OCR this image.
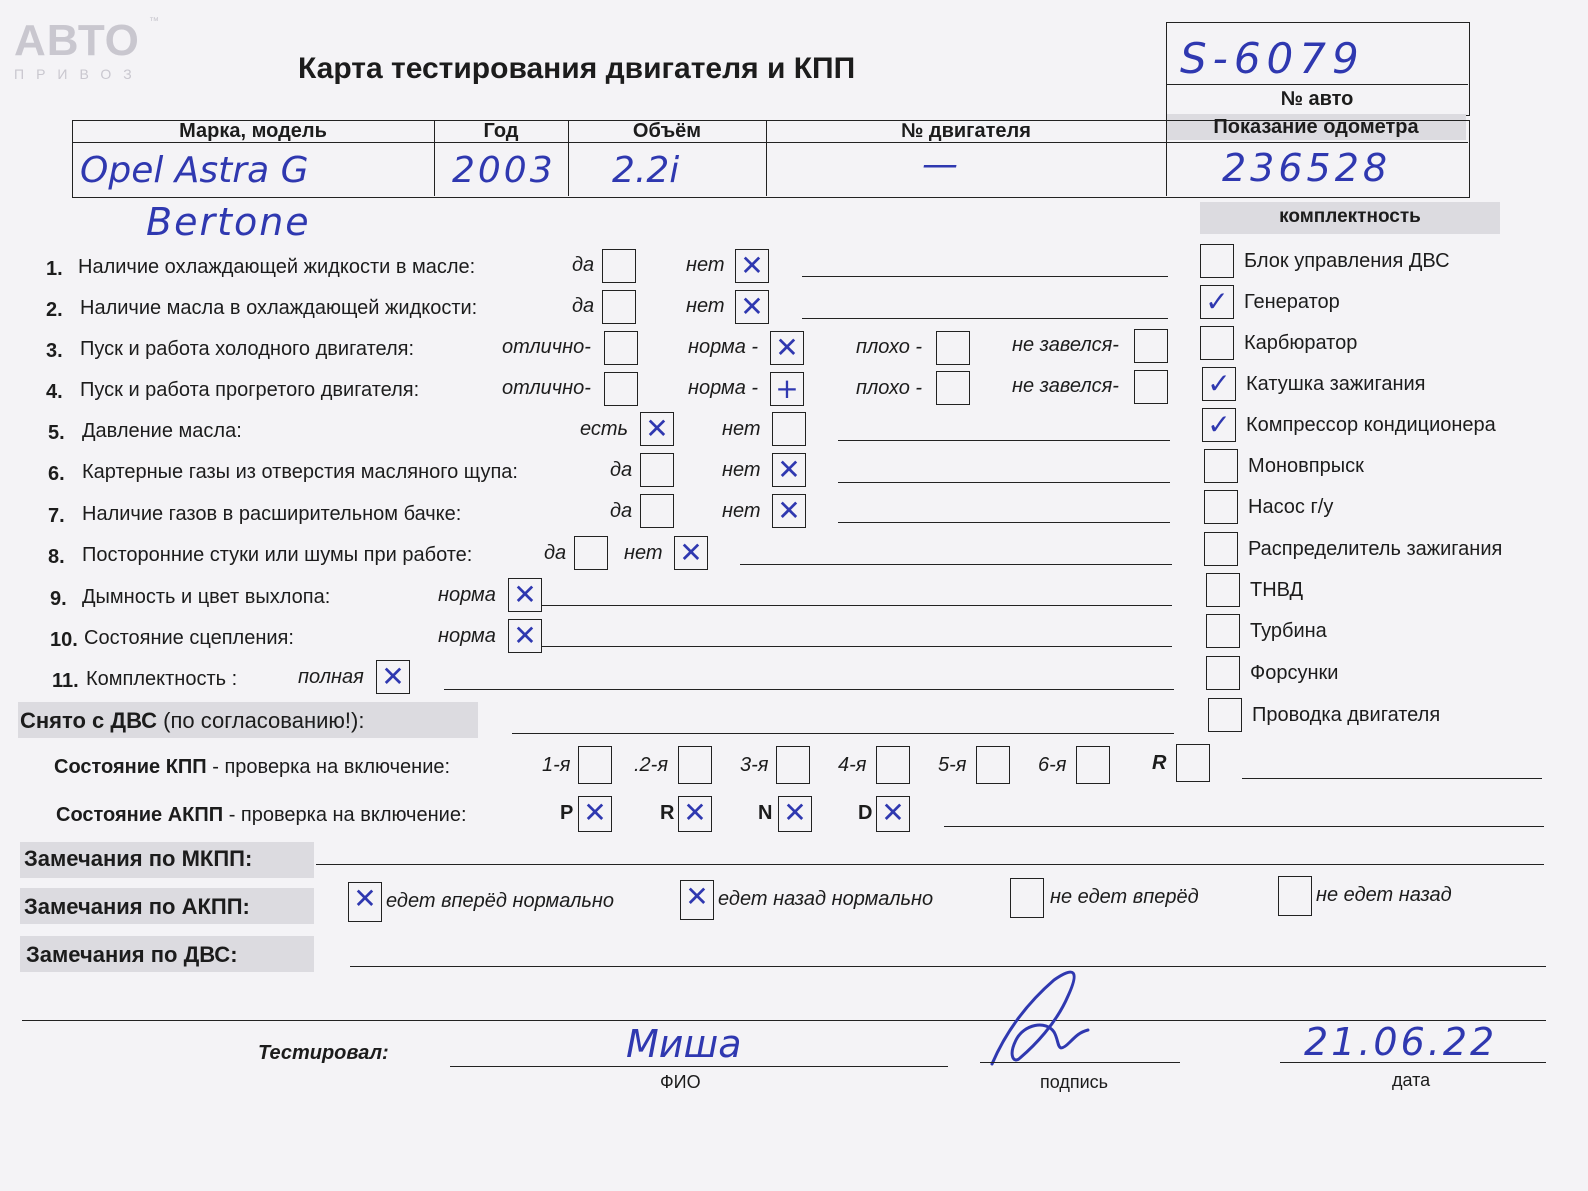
АВТО ™
ПРИВОЗ	Карта тестирования двигателя и КПП	S-6079
№ авто
Марка, модель	Год	Объём	№ двигателя	Показание одометра
Opel Astra G	2003 2.2i	—	236528
Bertone	комплектность
Блок управления ДВС
✓ Генератор
Карбюратор
✓ Катушка зажигания
✓ Компрессор кондиционера
Моновпрыск
Насос г/у
Распределитель зажигания
ТНВД
Турбина
Форсунки
Проводка двигателя
1. Наличие охлаждающей жидкости в масле:	да	нет ✕
2. Наличие масла в охлаждающей жидкости:	да	нет ✕
3. Пуск и работа холодного двигателя:	отлично-	норма - ✕	плохо -	не завелся-
4. Пуск и работа прогретого двигателя:	отлично-	норма - +	плохо -	не завелся-
5. Давление масла:	есть ✕	нет
6. Картерные газы из отверстия масляного щупа:	да	нет ✕
7. Наличие газов в расширительном бачке:	да	нет ✕
8. Посторонние стуки или шумы при работе:	да	нет ✕
9. Дымность и цвет выхлопа:	норма ✕
10. Состояние сцепления:	норма ✕
11. Комплектность :	полная ✕
Снято с ДВС (по согласованию!):
Состояние КПП - проверка на включение:	1-я	.2-я	3-я	4-я	5-я	6-я	R
Состояние АКПП - проверка на включение:	P ✕	R ✕	N ✕	D ✕
Замечания по МКПП:
Замечания по АКПП:	✕ едет вперёд нормально	✕ едет назад нормально	не едет вперёд	не едет назад
Замечания по ДВС:
Тестировал:	Миша
ФИО	подпись
21.06.22
дата
